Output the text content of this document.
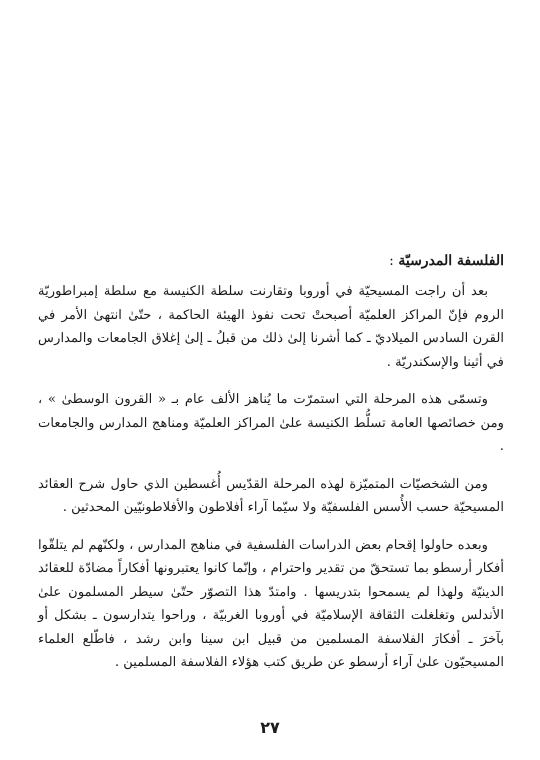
الفلسفة المدرسيّة :

بعد أن راجت المسيحيّة في أوروبا وتقارنت سلطة الكنيسة مع سلطة إمبراطوريّة الروم فإنّ المراكز العلميّة أصبحتْ تحت نفوذ الهيئة الحاكمة ، حتّىٰ انتهىٰ الأمر في القرن السادس الميلاديّ ـ كما أشرنا إلىٰ ذلك من قبلُ ـ إلىٰ إغلاق الجامعات والمدارس في أثينا والإسكندريّة .

وتسمّى هذه المرحلة التي استمرّت ما يُناهز الألف عام بـ « القرون الوسطىٰ » ، ومن خصائصها العامة تسلُّط الكنيسة علىٰ المراكز العلميّة ومناهج المدارس والجامعات .

ومن الشخصيّات المتميّزة لهذه المرحلة القدّيس أُغسطين الذي حاول شرح العقائد المسيحيّة حسب الأُسس الفلسفيّة ولا سيّما آراء أفلاطون والأفلاطونيّين المحدثين .

وبعده حاولوا إقحام بعض الدراسات الفلسفية في مناهج المدارس ، ولكنّهم لم يتلقّوا أفكار أرسطو بما تستحقّ من تقدير واحترام ، وإنّما كانوا يعتبرونها أفكاراً مضادّة للعقائد الدينيّة ولهذا لم يسمحوا بتدريسها . وامتدّ هذا التصوّر حتّىٰ سيطر المسلمون علىٰ الأندلس وتغلغلت الثقافة الإسلاميّة في أوروبا الغربيّة ، وراحوا يتدارسون ـ بشكل أو بآخرَ ـ أفكارَ الفلاسفة المسلمين من قبيل ابن سينا وابن رشد ، فاطّلع العلماء المسيحيّون علىٰ آراء أرسطو عن طريق كتب هؤلاء الفلاسفة المسلمين .

٢٧
